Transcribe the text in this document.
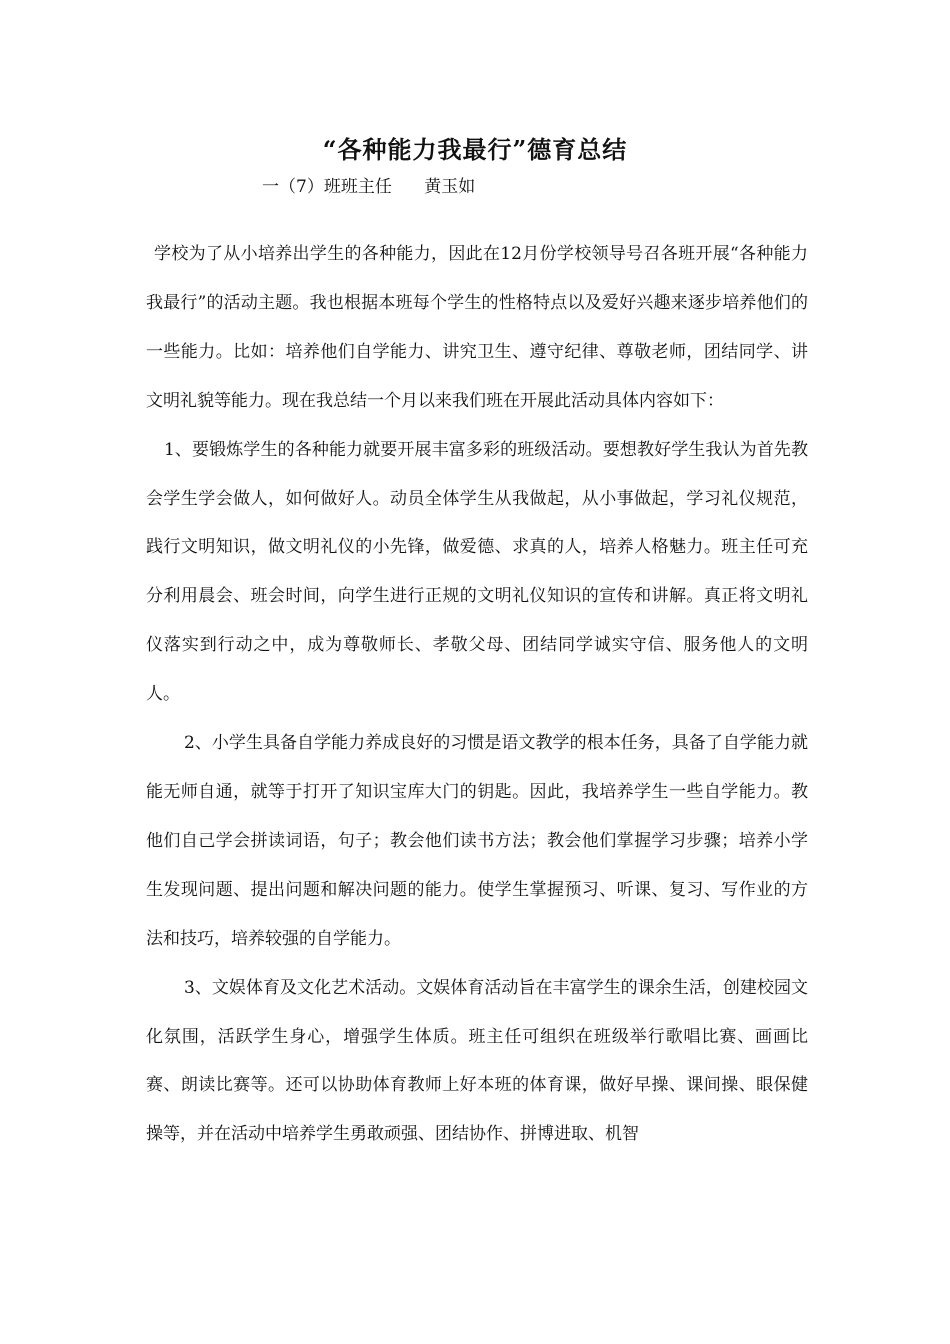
“各种能力我最行”德育总结
一（7）班班主任      黄玉如

学校为了从小培养出学生的各种能力，因此在12月份学校领导号召各班开展“各种能力我最行”的活动主题。我也根据本班每个学生的性格特点以及爱好兴趣来逐步培养他们的一些能力。比如：培养他们自学能力、讲究卫生、遵守纪律、尊敬老师，团结同学、讲文明礼貌等能力。现在我总结一个月以来我们班在开展此活动具体内容如下：

1、要锻炼学生的各种能力就要开展丰富多彩的班级活动。要想教好学生我认为首先教会学生学会做人，如何做好人。动员全体学生从我做起，从小事做起，学习礼仪规范，践行文明知识，做文明礼仪的小先锋，做爱德、求真的人，培养人格魅力。班主任可充分利用晨会、班会时间，向学生进行正规的文明礼仪知识的宣传和讲解。真正将文明礼仪落实到行动之中，成为尊敬师长、孝敬父母、团结同学诚实守信、服务他人的文明人。

2、小学生具备自学能力养成良好的习惯是语文教学的根本任务，具备了自学能力就能无师自通，就等于打开了知识宝库大门的钥匙。因此，我培养学生一些自学能力。教他们自己学会拼读词语，句子；教会他们读书方法；教会他们掌握学习步骤；培养小学生发现问题、提出问题和解决问题的能力。使学生掌握预习、听课、复习、写作业的方法和技巧，培养较强的自学能力。

3、文娱体育及文化艺术活动。文娱体育活动旨在丰富学生的课余生活，创建校园文化氛围，活跃学生身心，增强学生体质。班主任可组织在班级举行歌唱比赛、画画比赛、朗读比赛等。还可以协助体育教师上好本班的体育课，做好早操、课间操、眼保健操等，并在活动中培养学生勇敢顽强、团结协作、拼博进取、机智
